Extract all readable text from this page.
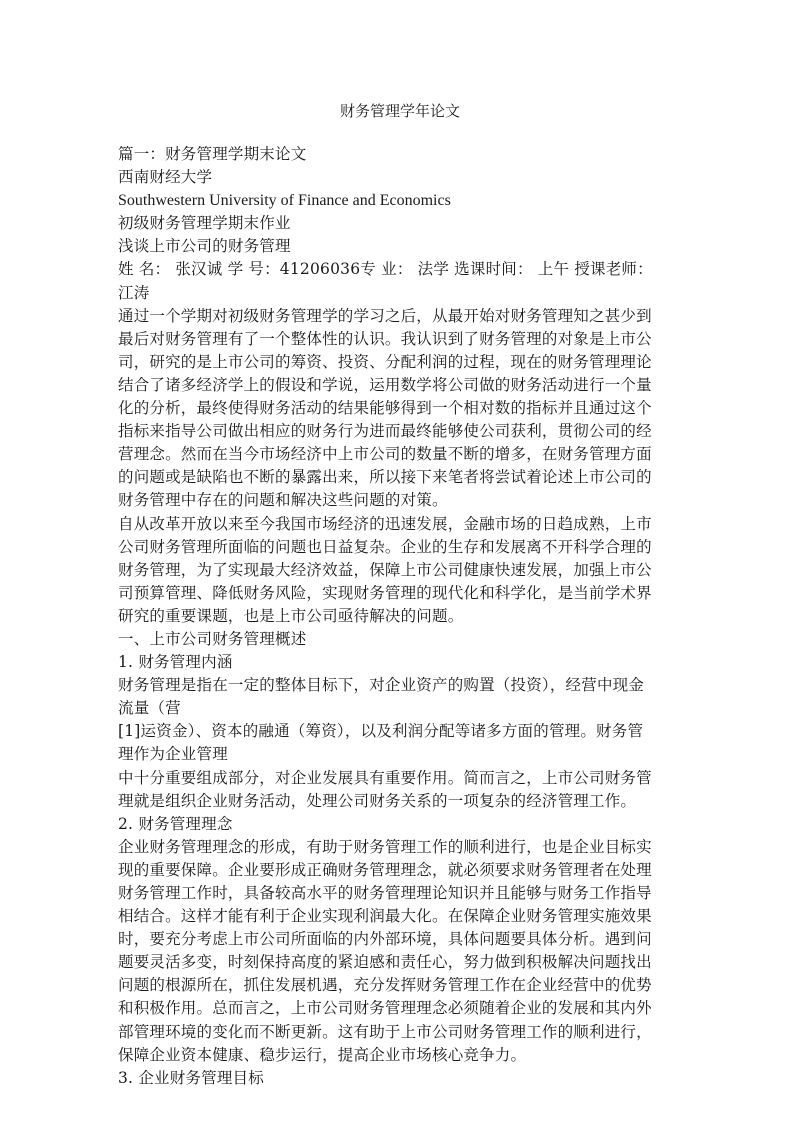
财务管理学年论文
篇一：财务管理学期末论文
西南财经大学
Southwestern University of Finance and Economics
初级财务管理学期末作业
浅谈上市公司的财务管理
姓 名： 张汉诚 学 号：41206036专 业： 法学 选课时间： 上午 授课老师：
江涛
通过一个学期对初级财务管理学的学习之后，从最开始对财务管理知之甚少到
最后对财务管理有了一个整体性的认识。我认识到了财务管理的对象是上市公
司，研究的是上市公司的筹资、投资、分配利润的过程，现在的财务管理理论
结合了诸多经济学上的假设和学说，运用数学将公司做的财务活动进行一个量
化的分析，最终使得财务活动的结果能够得到一个相对数的指标并且通过这个
指标来指导公司做出相应的财务行为进而最终能够使公司获利，贯彻公司的经
营理念。然而在当今市场经济中上市公司的数量不断的增多，在财务管理方面
的问题或是缺陷也不断的暴露出来，所以接下来笔者将尝试着论述上市公司的
财务管理中存在的问题和解决这些问题的对策。
自从改革开放以来至今我国市场经济的迅速发展，金融市场的日趋成熟，上市
公司财务管理所面临的问题也日益复杂。企业的生存和发展离不开科学合理的
财务管理，为了实现最大经济效益，保障上市公司健康快速发展，加强上市公
司预算管理、降低财务风险，实现财务管理的现代化和科学化，是当前学术界
研究的重要课题，也是上市公司亟待解决的问题。
一、上市公司财务管理概述
1. 财务管理内涵
财务管理是指在一定的整体目标下，对企业资产的购置（投资），经营中现金
流量（营
[1]运资金）、资本的融通（筹资），以及利润分配等诸多方面的管理。财务管
理作为企业管理
中十分重要组成部分，对企业发展具有重要作用。简而言之，上市公司财务管
理就是组织企业财务活动，处理公司财务关系的一项复杂的经济管理工作。
2. 财务管理理念
企业财务管理理念的形成，有助于财务管理工作的顺利进行，也是企业目标实
现的重要保障。企业要形成正确财务管理理念，就必须要求财务管理者在处理
财务管理工作时，具备较高水平的财务管理理论知识并且能够与财务工作指导
相结合。这样才能有利于企业实现利润最大化。在保障企业财务管理实施效果
时，要充分考虑上市公司所面临的内外部环境，具体问题要具体分析。遇到问
题要灵活多变，时刻保持高度的紧迫感和责任心，努力做到积极解决问题找出
问题的根源所在，抓住发展机遇，充分发挥财务管理工作在企业经营中的优势
和积极作用。总而言之，上市公司财务管理理念必须随着企业的发展和其内外
部管理环境的变化而不断更新。这有助于上市公司财务管理工作的顺利进行，
保障企业资本健康、稳步运行，提高企业市场核心竞争力。
3. 企业财务管理目标
